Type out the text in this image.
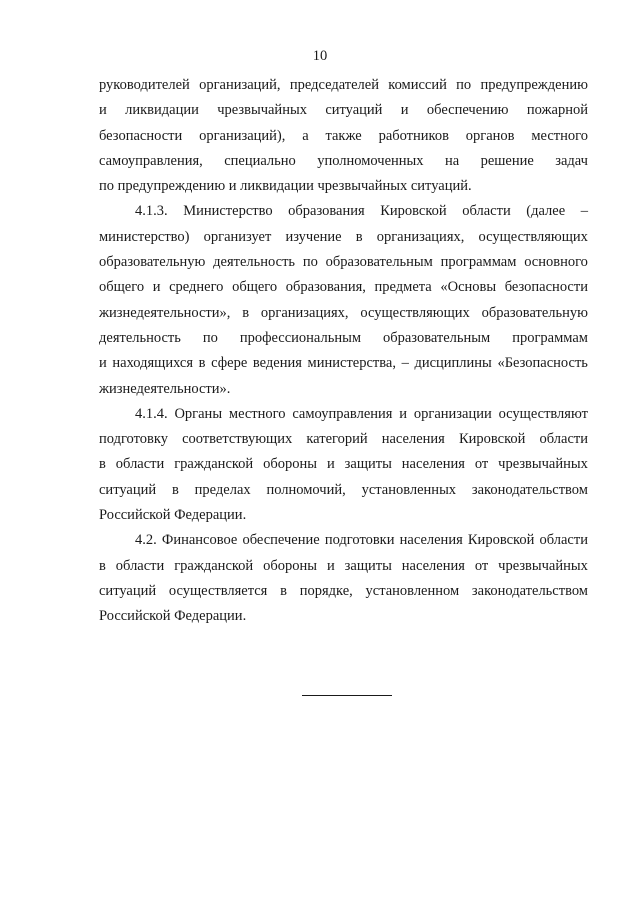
10
руководителей организаций, председателей комиссий по предупреждению
и ликвидации чрезвычайных ситуаций и обеспечению пожарной
безопасности организаций), а также работников органов местного
самоуправления, специально уполномоченных на решение задач
по предупреждению и ликвидации чрезвычайных ситуаций.
4.1.3. Министерство образования Кировской области (далее –
министерство) организует изучение в организациях, осуществляющих
образовательную деятельность по образовательным программам основного
общего и среднего общего образования, предмета «Основы безопасности
жизнедеятельности», в организациях, осуществляющих образовательную
деятельность по профессиональным образовательным программам
и находящихся в сфере ведения министерства, – дисциплины «Безопасность
жизнедеятельности».
4.1.4. Органы местного самоуправления и организации осуществляют
подготовку соответствующих категорий населения Кировской области
в области гражданской обороны и защиты населения от чрезвычайных
ситуаций в пределах полномочий, установленных законодательством
Российской Федерации.
4.2. Финансовое обеспечение подготовки населения Кировской области
в области гражданской обороны и защиты населения от чрезвычайных
ситуаций осуществляется в порядке, установленном законодательством
Российской Федерации.
